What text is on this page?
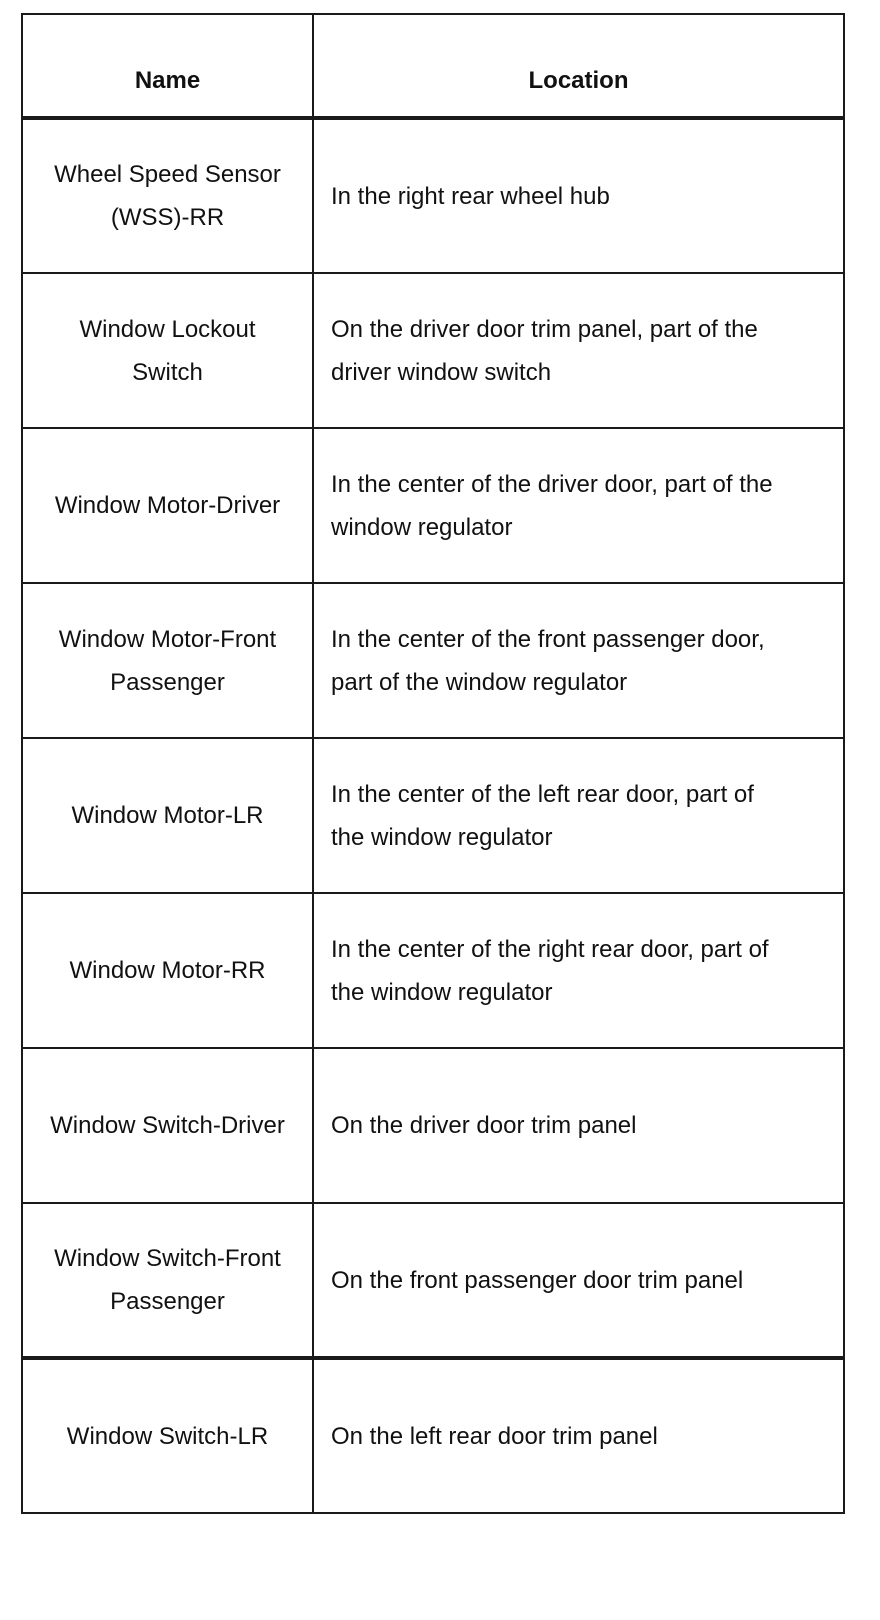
Name	Location
Wheel Speed Sensor (WSS)-RR	In the right rear wheel hub
Window Lockout Switch	On the driver door trim panel, part of the driver window switch
Window Motor-Driver	In the center of the driver door, part of the window regulator
Window Motor-Front Passenger	In the center of the front passenger door, part of the window regulator
Window Motor-LR	In the center of the left rear door, part of the window regulator
Window Motor-RR	In the center of the right rear door, part of the window regulator
Window Switch-Driver	On the driver door trim panel
Window Switch-Front Passenger	On the front passenger door trim panel
Window Switch-LR	On the left rear door trim panel
